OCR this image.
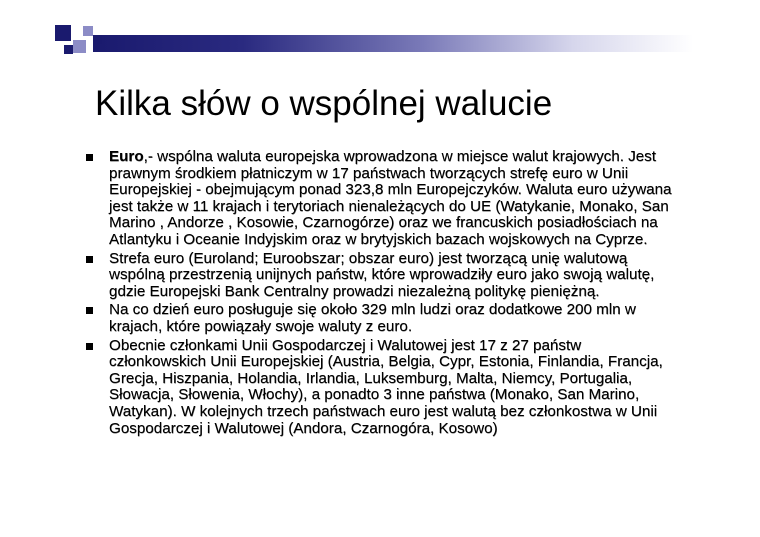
Kilka słów o wspólnej walucie
Euro,- wspólna waluta europejska wprowadzona w miejsce walut krajowych. Jest prawnym środkiem płatniczym w 17 państwach tworzących strefę euro w Unii Europejskiej - obejmującym ponad 323,8 mln Europejczyków. Waluta euro używana jest także w 11 krajach i terytoriach nienależących do UE (Watykanie, Monako, San Marino , Andorze , Kosowie, Czarnogórze) oraz we francuskich posiadłościach na Atlantyku i Oceanie Indyjskim oraz w brytyjskich bazach wojskowych na Cyprze.
Strefa euro (Euroland; Euroobszar; obszar euro) jest tworzącą unię walutową wspólną przestrzenią unijnych państw, które wprowadziły euro jako swoją walutę, gdzie Europejski Bank Centralny prowadzi niezależną politykę pieniężną.
Na co dzień euro posługuje się około 329 mln ludzi oraz dodatkowe 200 mln w krajach, które powiązały swoje waluty z euro.
Obecnie członkami Unii Gospodarczej i Walutowej jest 17 z 27 państw członkowskich Unii Europejskiej (Austria, Belgia, Cypr, Estonia, Finlandia, Francja, Grecja, Hiszpania, Holandia, Irlandia, Luksemburg, Malta, Niemcy, Portugalia, Słowacja, Słowenia, Włochy), a ponadto 3 inne państwa (Monako, San Marino, Watykan). W kolejnych trzech państwach euro jest walutą bez członkostwa w Unii Gospodarczej i Walutowej (Andora, Czarnogóra, Kosowo)
